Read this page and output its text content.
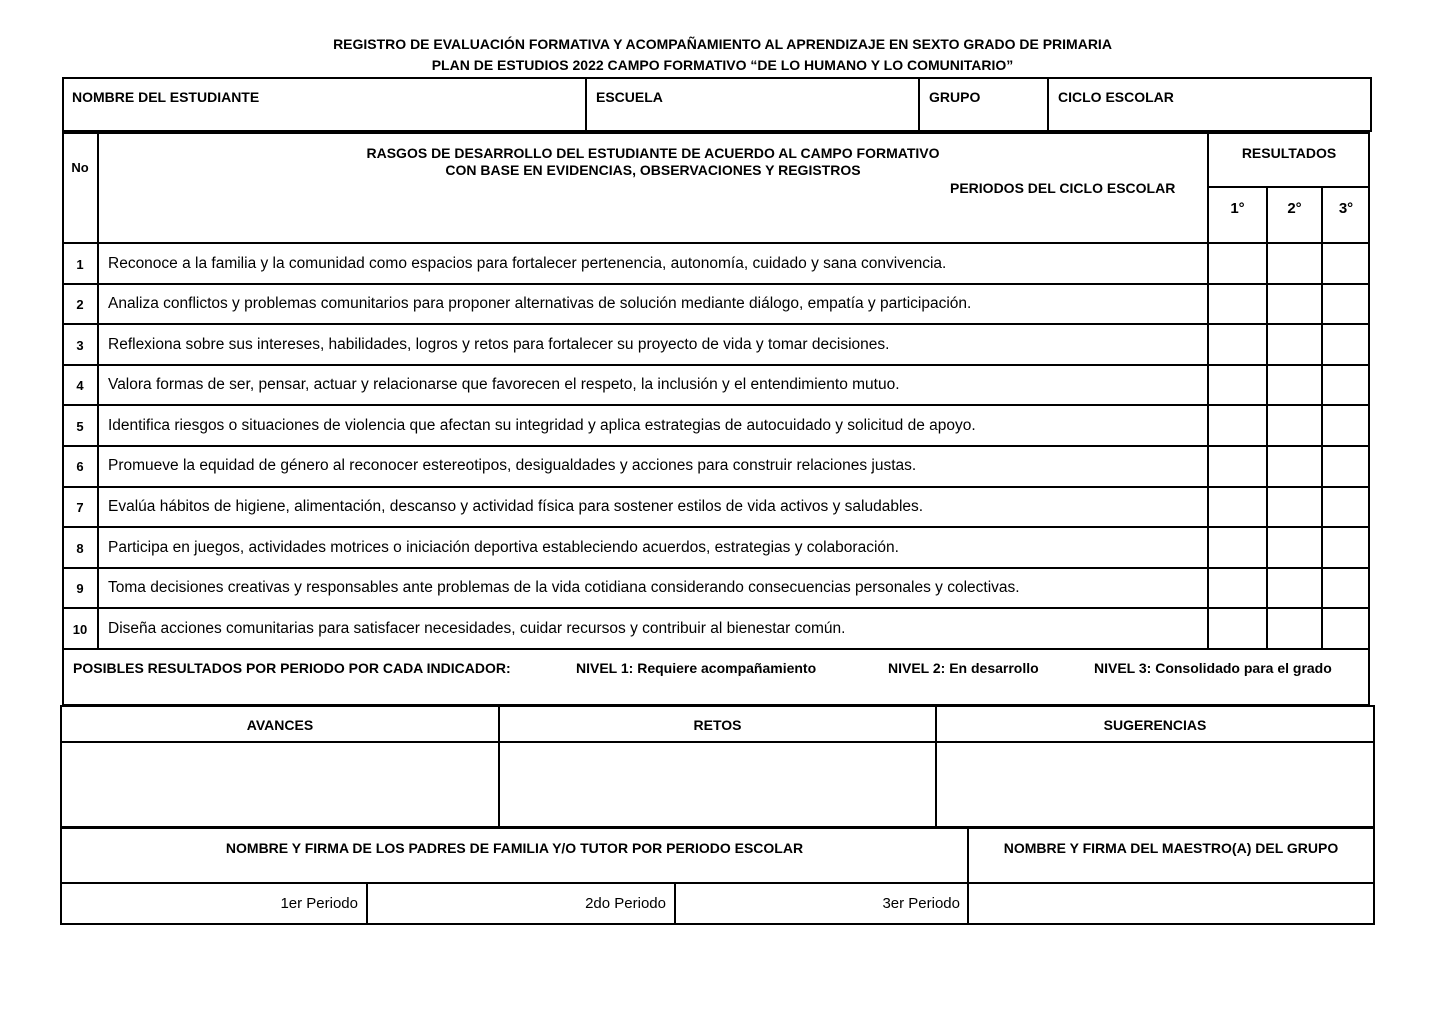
REGISTRO DE EVALUACIÓN FORMATIVA Y ACOMPAÑAMIENTO AL APRENDIZAJE EN SEXTO GRADO DE PRIMARIA
PLAN DE ESTUDIOS 2022 CAMPO FORMATIVO “DE LO HUMANO Y LO COMUNITARIO”
NOMBRE DEL ESTUDIANTE	ESCUELA	GRUPO	CICLO ESCOLAR
No
RASGOS DE DESARROLLO DEL ESTUDIANTE DE ACUERDO AL CAMPO FORMATIVO
CON BASE EN EVIDENCIAS, OBSERVACIONES Y REGISTROS
PERIODOS DEL CICLO ESCOLAR
RESULTADOS
1°	2°	3°
1	Reconoce a la familia y la comunidad como espacios para fortalecer pertenencia, autonomía, cuidado y sana convivencia.
2	Analiza conflictos y problemas comunitarios para proponer alternativas de solución mediante diálogo, empatía y participación.
3	Reflexiona sobre sus intereses, habilidades, logros y retos para fortalecer su proyecto de vida y tomar decisiones.
4	Valora formas de ser, pensar, actuar y relacionarse que favorecen el respeto, la inclusión y el entendimiento mutuo.
5	Identifica riesgos o situaciones de violencia que afectan su integridad y aplica estrategias de autocuidado y solicitud de apoyo.
6	Promueve la equidad de género al reconocer estereotipos, desigualdades y acciones para construir relaciones justas.
7	Evalúa hábitos de higiene, alimentación, descanso y actividad física para sostener estilos de vida activos y saludables.
8	Participa en juegos, actividades motrices o iniciación deportiva estableciendo acuerdos, estrategias y colaboración.
9	Toma decisiones creativas y responsables ante problemas de la vida cotidiana considerando consecuencias personales y colectivas.
10	Diseña acciones comunitarias para satisfacer necesidades, cuidar recursos y contribuir al bienestar común.
POSIBLES RESULTADOS POR PERIODO POR CADA INDICADOR:	NIVEL 1: Requiere acompañamiento	NIVEL 2: En desarrollo	NIVEL 3: Consolidado para el grado
AVANCES	RETOS	SUGERENCIAS
NOMBRE Y FIRMA DE LOS PADRES DE FAMILIA Y/O TUTOR POR PERIODO ESCOLAR	NOMBRE Y FIRMA DEL MAESTRO(A) DEL GRUPO
1er Periodo	2do Periodo	3er Periodo
